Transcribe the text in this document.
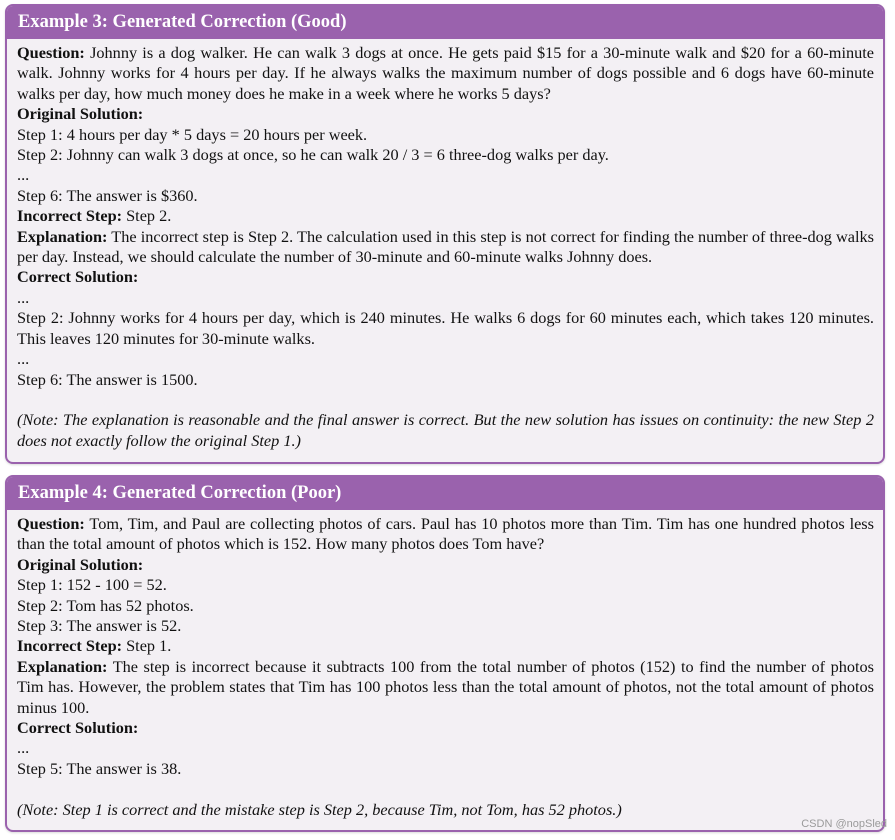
Example 3: Generated Correction (Good)
Question: Johnny is a dog walker. He can walk 3 dogs at once. He gets paid $15 for a 30-minute walk and $20 for a 60-minute walk. Johnny works for 4 hours per day. If he always walks the maximum number of dogs possible and 6 dogs have 60-minute walks per day, how much money does he make in a week where he works 5 days?
Original Solution:
Step 1: 4 hours per day * 5 days = 20 hours per week.
Step 2: Johnny can walk 3 dogs at once, so he can walk 20 / 3 = 6 three-dog walks per day.
...
Step 6: The answer is $360.
Incorrect Step: Step 2.
Explanation: The incorrect step is Step 2. The calculation used in this step is not correct for finding the number of three-dog walks per day. Instead, we should calculate the number of 30-minute and 60-minute walks Johnny does.
Correct Solution:
...
Step 2: Johnny works for 4 hours per day, which is 240 minutes. He walks 6 dogs for 60 minutes each, which takes 120 minutes. This leaves 120 minutes for 30-minute walks.
...
Step 6: The answer is 1500.
(Note: The explanation is reasonable and the final answer is correct. But the new solution has issues on continuity: the new Step 2 does not exactly follow the original Step 1.)
Example 4: Generated Correction (Poor)
Question: Tom, Tim, and Paul are collecting photos of cars. Paul has 10 photos more than Tim. Tim has one hundred photos less than the total amount of photos which is 152. How many photos does Tom have?
Original Solution:
Step 1: 152 - 100 = 52.
Step 2: Tom has 52 photos.
Step 3: The answer is 52.
Incorrect Step: Step 1.
Explanation: The step is incorrect because it subtracts 100 from the total number of photos (152) to find the number of photos Tim has. However, the problem states that Tim has 100 photos less than the total amount of photos, not the total amount of photos minus 100.
Correct Solution:
...
Step 5: The answer is 38.
(Note: Step 1 is correct and the mistake step is Step 2, because Tim, not Tom, has 52 photos.)
CSDN @nopSled
